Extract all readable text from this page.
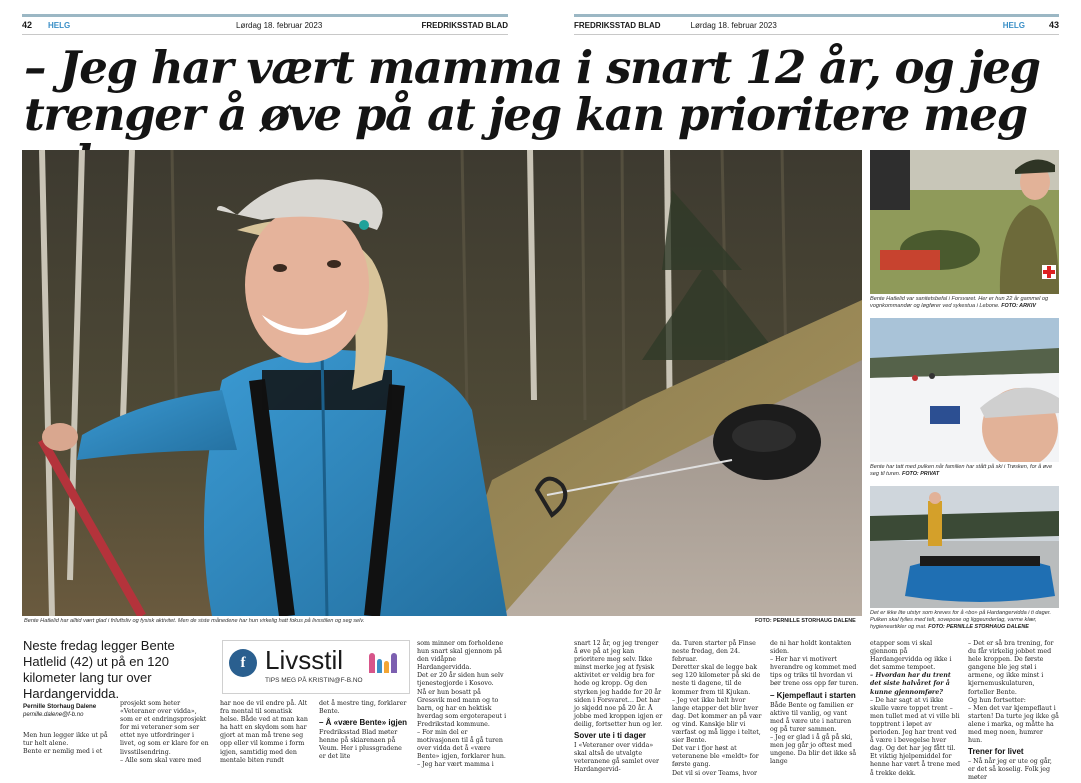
42	HELG	Lørdag 18. februar 2023	FREDRIKSSTAD BLAD	FREDRIKSSTAD BLAD	Lørdag 18. februar 2023	HELG	43
– Jeg har vært mamma i snart 12 år, og jeg
trenger å øve på at jeg kan prioritere meg
Bente Hatlelid har alltid vært glad i friluftsliv og fysisk aktivitet. Men de siste månedene har hun virkelig hatt fokus på livsstilen og seg selv.	FOTO: PERNILLE STORHAUG DALENE
Bente Hatlelid var sanitetsbefal i Forsvaret. Her er hun 22 år gammel og vognkommandør og løgfører ved sykestua i Lebone. FOTO: ARKIV
Bente har tatt med pulken når familien har stått på ski i Trøsken, for å øve seg til turen. FOTO: PRIVAT
Det er ikke lite utstyr som kreves for å «bo» på Hardangervidda i ti dager. Pulken skal fylles med telt, sovepose og liggeunderlag, varme klær, hygieneartikler og mat. FOTO: PERNILLE STORHAUG DALENE
Neste fredag legger Bente Hatlelid (42) ut på en 120 kilometer lang tur over Hardangervidda.
f Livsstil
TIPS MEG PÅ KRISTIN@F-B.NO
Pernille Storhaug Dalene
pernille.dalene@f-b.no

Men hun legger ikke ut på tur helt alene.

Bente er nemlig med i et

prosjekt som heter «Veteraner over vidda», som er et endringsprosjekt for mi veteraner som ser ettet nye utfordringer i livet, og som er klare for en livsstilsendring.

– Alle som skal være med

har noe de vil endre på. Alt fra mental til somatisk helse. Både ved at man kan ha hatt en skydom som har gjort at man må trene seg opp eller vil komme i form igjen, samtidig med den mentale biten rundt

det å mestre ting, forklarer Bente.

– Å «være Bente» igjen

Fredriksstad Blad møter henne på skiarenaen på Veum. Her i plussgradene er det lite

som minner om forholdene hun snart skal gjennom på den vidåpne Hardangervidda.

Det er 20 år siden hun selv tjenestegjorde i Kosovo.

Nå er hun bosatt på Gressvik med mann og to barn, og har en hektisk hverdag som ergoterapeut i Fredrikstad kommune.

– For min del er motivasjonen til å gå turen over vidda det å «være Bente» igjen, forklarer hun.

– Jeg har vært mamma i

snart 12 år, og jeg trenger å øve på at jeg kan prioritere meg selv. Ikke minst merke jeg at fysisk aktivitet er veldig bra for hode og kropp. Og den styrken jeg hadde for 20 år siden i Forsvaret… Det har jo skjedd noe på 20 år. Å jobbe med kroppen igjen er deilig, fortsetter hun og ler.

Sover ute i ti dager

I «Veteraner over vidda» skal altså de utvalgte veteranene gå samlet over Hardangervid-

da. Turen starter på Finse neste fredag, den 24. februar.

Deretter skal de legge bak seg 120 kilometer på ski de neste ti dagene, til de kommer frem til Kjukan.

– Jeg vet ikke helt hvor lange etapper det blir hver dag. Det kommer an på vær og vind. Kanskje blir vi værfast og må ligge i teltet, sier Bente.

Det var i fjor høst at veteranene ble «meldt» for første gang.

Det vil si over Teams, hvor

de ni har holdt kontakten siden.

– Her har vi motivert hverandre og kommet med tips og triks til hvordan vi bør trene oss opp før turen.

– Kjempeflaut i starten

Både Bente og familien er aktive til vanlig, og vant med å være ute i naturen og på turer sammen.

– Jeg er glad i å gå på ski, men jeg går jo oftest med ungene. Da blir det ikke så lange

etapper som vi skal gjennom på Hardangervidda og ikke i det samme tempoet.

– Hvordan har du trent det siste halvåret for å kunne gjennomføre?

– De har sagt at vi ikke skulle være toppet trent – men tullet med at vi ville bli topptrent i løpet av perioden. Jeg har trent ved å være i bevegelse hver dag. Og det har jeg fått til.

Et viktig hjelpemiddel for henne har vært å trene med å trekke dekk.

– Det er så bra trening, for du får virkelig jobbet med hele kroppen. De første gangene ble jeg støl i armene, og ikke minst i kjernemuskulaturen, forteller Bente.

Og hun fortsetter:

– Men det var kjempeflaut i starten! Da turte jeg ikke gå alene i marka, og måtte ha med meg noen, humrer hun.

Trener for livet

– Nå når jeg er ute og går, er det så koselig. Folk jeg møter
